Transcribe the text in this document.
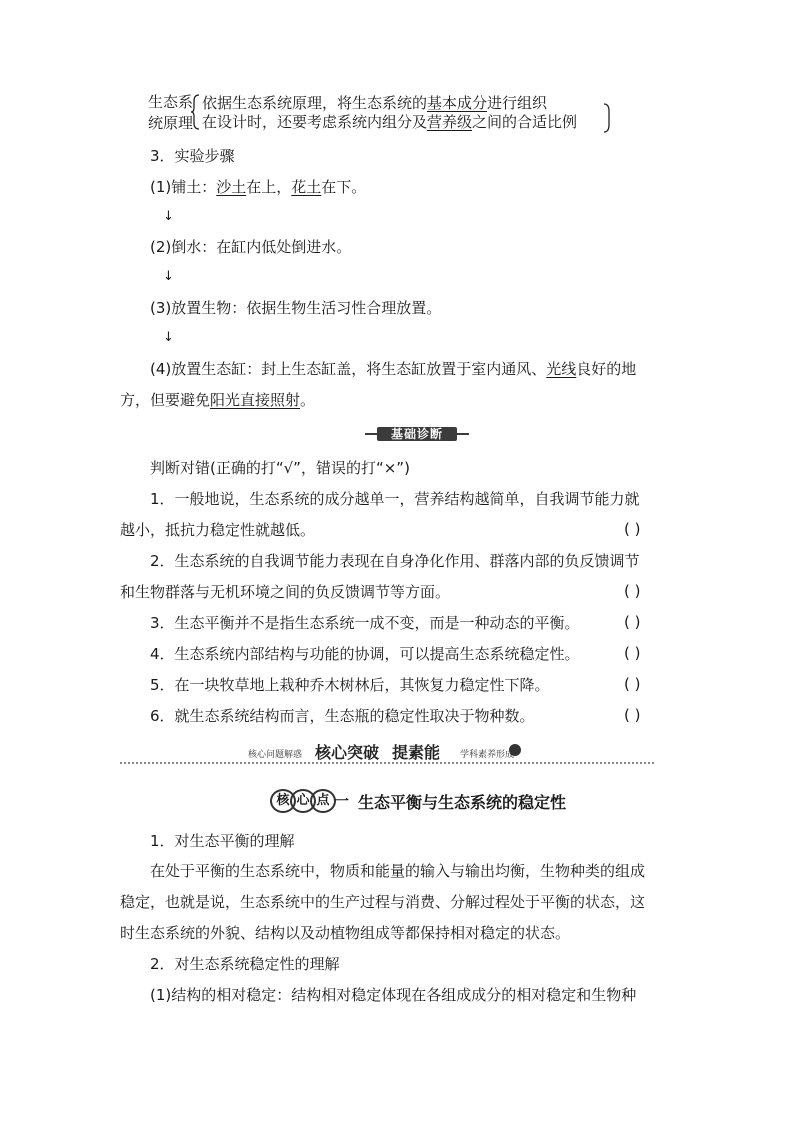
生态系
统原理
依据生态系统原理，将生态系统的基本成分进行组织
在设计时，还要考虑系统内组分及营养级之间的合适比例
3．实验步骤
(1)铺土：沙土在上，花土在下。
↓
(2)倒水：在缸内低处倒进水。
↓
(3)放置生物：依据生物生活习性合理放置。
↓
(4)放置生态缸：封上生态缸盖，将生态缸放置于室内通风、光线良好的地
方，但要避免阳光直接照射。
基础诊断
判断对错(正确的打“√”，错误的打“×”)
1．一般地说，生态系统的成分越单一，营养结构越简单，自我调节能力就
越小，抵抗力稳定性就越低。	( )
2．生态系统的自我调节能力表现在自身净化作用、群落内部的负反馈调节
和生物群落与无机环境之间的负反馈调节等方面。	( )
3．生态平衡并不是指生态系统一成不变，而是一种动态的平衡。	( )
4．生态系统内部结构与功能的协调，可以提高生态系统稳定性。	( )
5．在一块牧草地上栽种乔木树林后，其恢复力稳定性下降。	( )
6．就生态系统结构而言，生态瓶的稳定性取决于物种数。	( )
核心问题解惑 核心突破 提素能 学科素养形成
核 心 点 一 生态平衡与生态系统的稳定性
1．对生态平衡的理解
在处于平衡的生态系统中，物质和能量的输入与输出均衡，生物种类的组成
稳定，也就是说，生态系统中的生产过程与消费、分解过程处于平衡的状态，这
时生态系统的外貌、结构以及动植物组成等都保持相对稳定的状态。
2．对生态系统稳定性的理解
(1)结构的相对稳定：结构相对稳定体现在各组成成分的相对稳定和生物种
